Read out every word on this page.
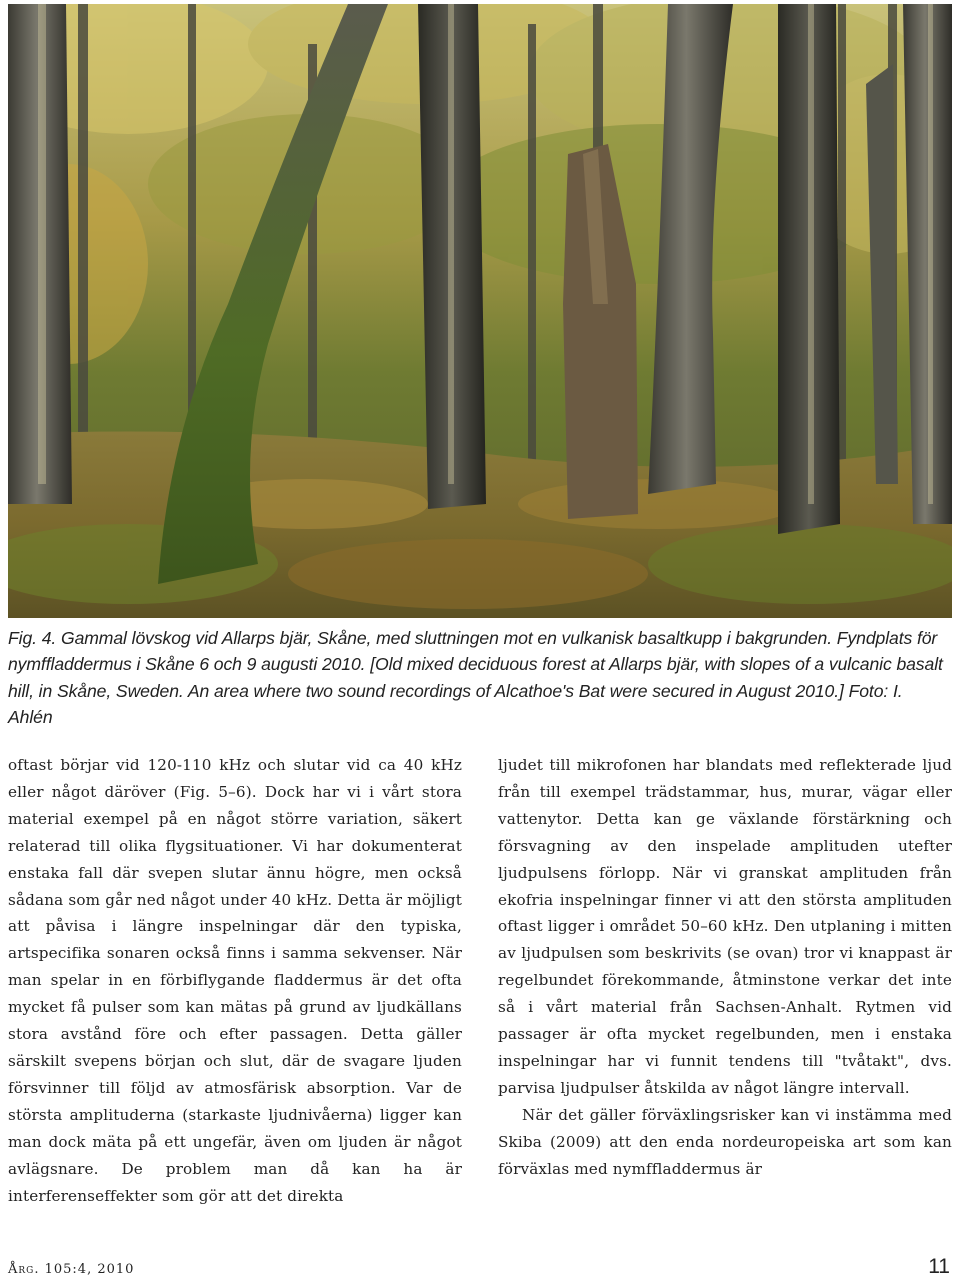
Fig. 4. Gammal lövskog vid Allarps bjär, Skåne, med sluttningen mot en vulkanisk basaltkupp i bakgrunden. Fyndplats för nymffladdermus i Skåne 6 och 9 augusti 2010. [Old mixed deciduous forest at Allarps bjär, with slopes of a vulcanic basalt hill, in Skåne, Sweden. An area where two sound recordings of Alcathoe's Bat were secured in August 2010.] Foto: I. Ahlén

oftast börjar vid 120-110 kHz och slutar vid ca 40 kHz eller något däröver (Fig. 5–6). Dock har vi i vårt stora material exempel på en något större variation, säkert relaterad till olika flygsituationer. Vi har dokumenterat enstaka fall där svepen slutar ännu högre, men också sådana som går ned något under 40 kHz. Detta är möjligt att påvisa i längre inspelningar där den typiska, artspecifika sonaren också finns i samma sekvenser. När man spelar in en förbiflygande fladdermus är det ofta mycket få pulser som kan mätas på grund av ljudkällans stora avstånd före och efter passagen. Detta gäller särskilt svepens början och slut, där de svagare ljuden försvinner till följd av atmosfärisk absorption. Var de största amplituderna (starkaste ljudnivåerna) ligger kan man dock mäta på ett ungefär, även om ljuden är något avlägsnare. De problem man då kan ha är interferenseffekter som gör att det direkta

ljudet till mikrofonen har blandats med reflekterade ljud från till exempel trädstammar, hus, murar, vägar eller vattenytor. Detta kan ge växlande förstärkning och försvagning av den inspelade amplituden utefter ljudpulsens förlopp. När vi granskat amplituden från ekofria inspelningar finner vi att den största amplituden oftast ligger i området 50–60 kHz. Den utplaning i mitten av ljudpulsen som beskrivits (se ovan) tror vi knappast är regelbundet förekommande, åtminstone verkar det inte så i vårt material från Sachsen-Anhalt. Rytmen vid passager är ofta mycket regelbunden, men i enstaka inspelningar har vi funnit tendens till "tvåtakt", dvs. parvisa ljudpulser åtskilda av något längre intervall.

När det gäller förväxlingsrisker kan vi instämma med Skiba (2009) att den enda nordeuropeiska art som kan förväxlas med nymffladdermus är

Årg. 105:4, 2010	11
